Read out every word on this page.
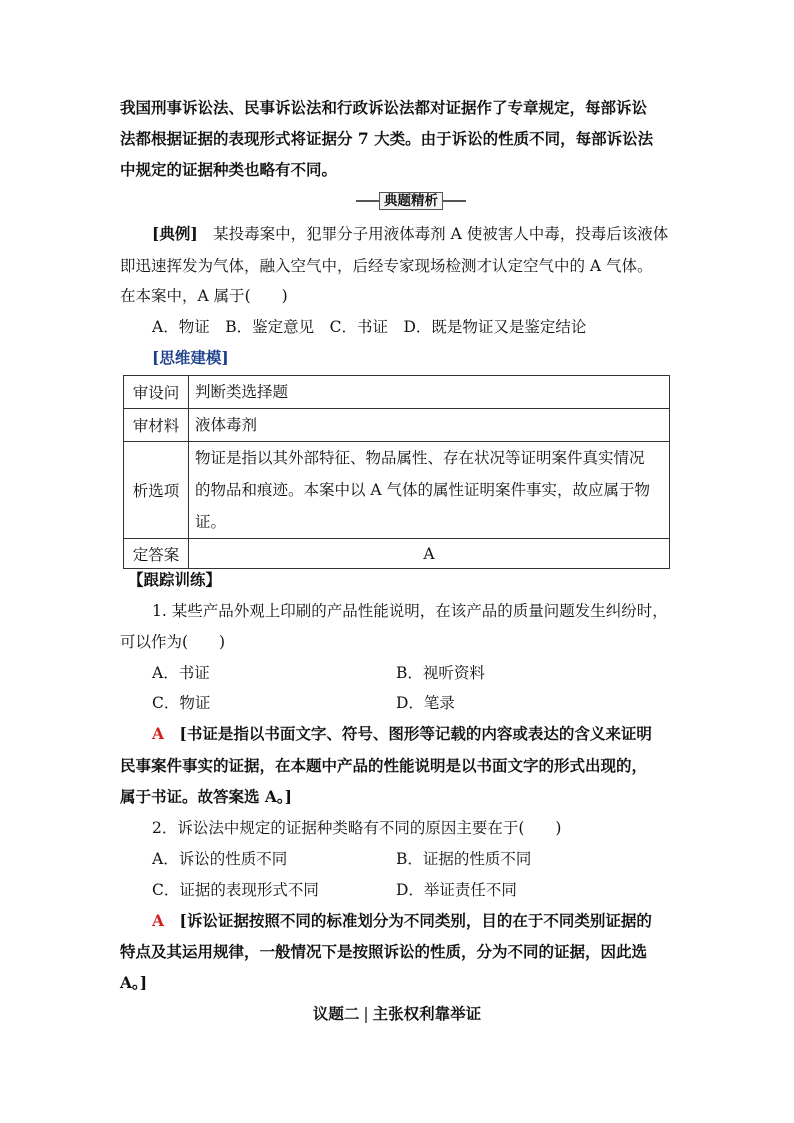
我国刑事诉讼法、民事诉讼法和行政诉讼法都对证据作了专章规定，每部诉讼
法都根据证据的表现形式将证据分 7 大类。由于诉讼的性质不同，每部诉讼法
中规定的证据种类也略有不同。
典题精析
[典例]　某投毒案中，犯罪分子用液体毒剂 A 使被害人中毒，投毒后该液体
即迅速挥发为气体，融入空气中，后经专家现场检测才认定空气中的 A 气体。
在本案中，A 属于(　　)
A．物证　B．鉴定意见　C．书证　D．既是物证又是鉴定结论
[思维建模]
审设问	判断类选择题
审材料	液体毒剂
析选项	物证是指以其外部特征、物品属性、存在状况等证明案件真实情况
的物品和痕迹。本案中以 A 气体的属性证明案件事实，故应属于物
证。

定答案	A
【跟踪训练】
1. 某些产品外观上印刷的产品性能说明，在该产品的质量问题发生纠纷时，
可以作为(　　)
A．书证	B．视听资料
C．物证	D．笔录
A　 [书证是指以书面文字、符号、图形等记载的内容或表达的含义来证明
民事案件事实的证据，在本题中产品的性能说明是以书面文字的形式出现的，
属于书证。故答案选 A。]
2．诉讼法中规定的证据种类略有不同的原因主要在于(　　)
A．诉讼的性质不同	B．证据的性质不同
C．证据的表现形式不同	D．举证责任不同
A　 [诉讼证据按照不同的标准划分为不同类别，目的在于不同类别证据的
特点及其运用规律，一般情况下是按照诉讼的性质，分为不同的证据，因此选
A。]
议题二 | 主张权利靠举证
